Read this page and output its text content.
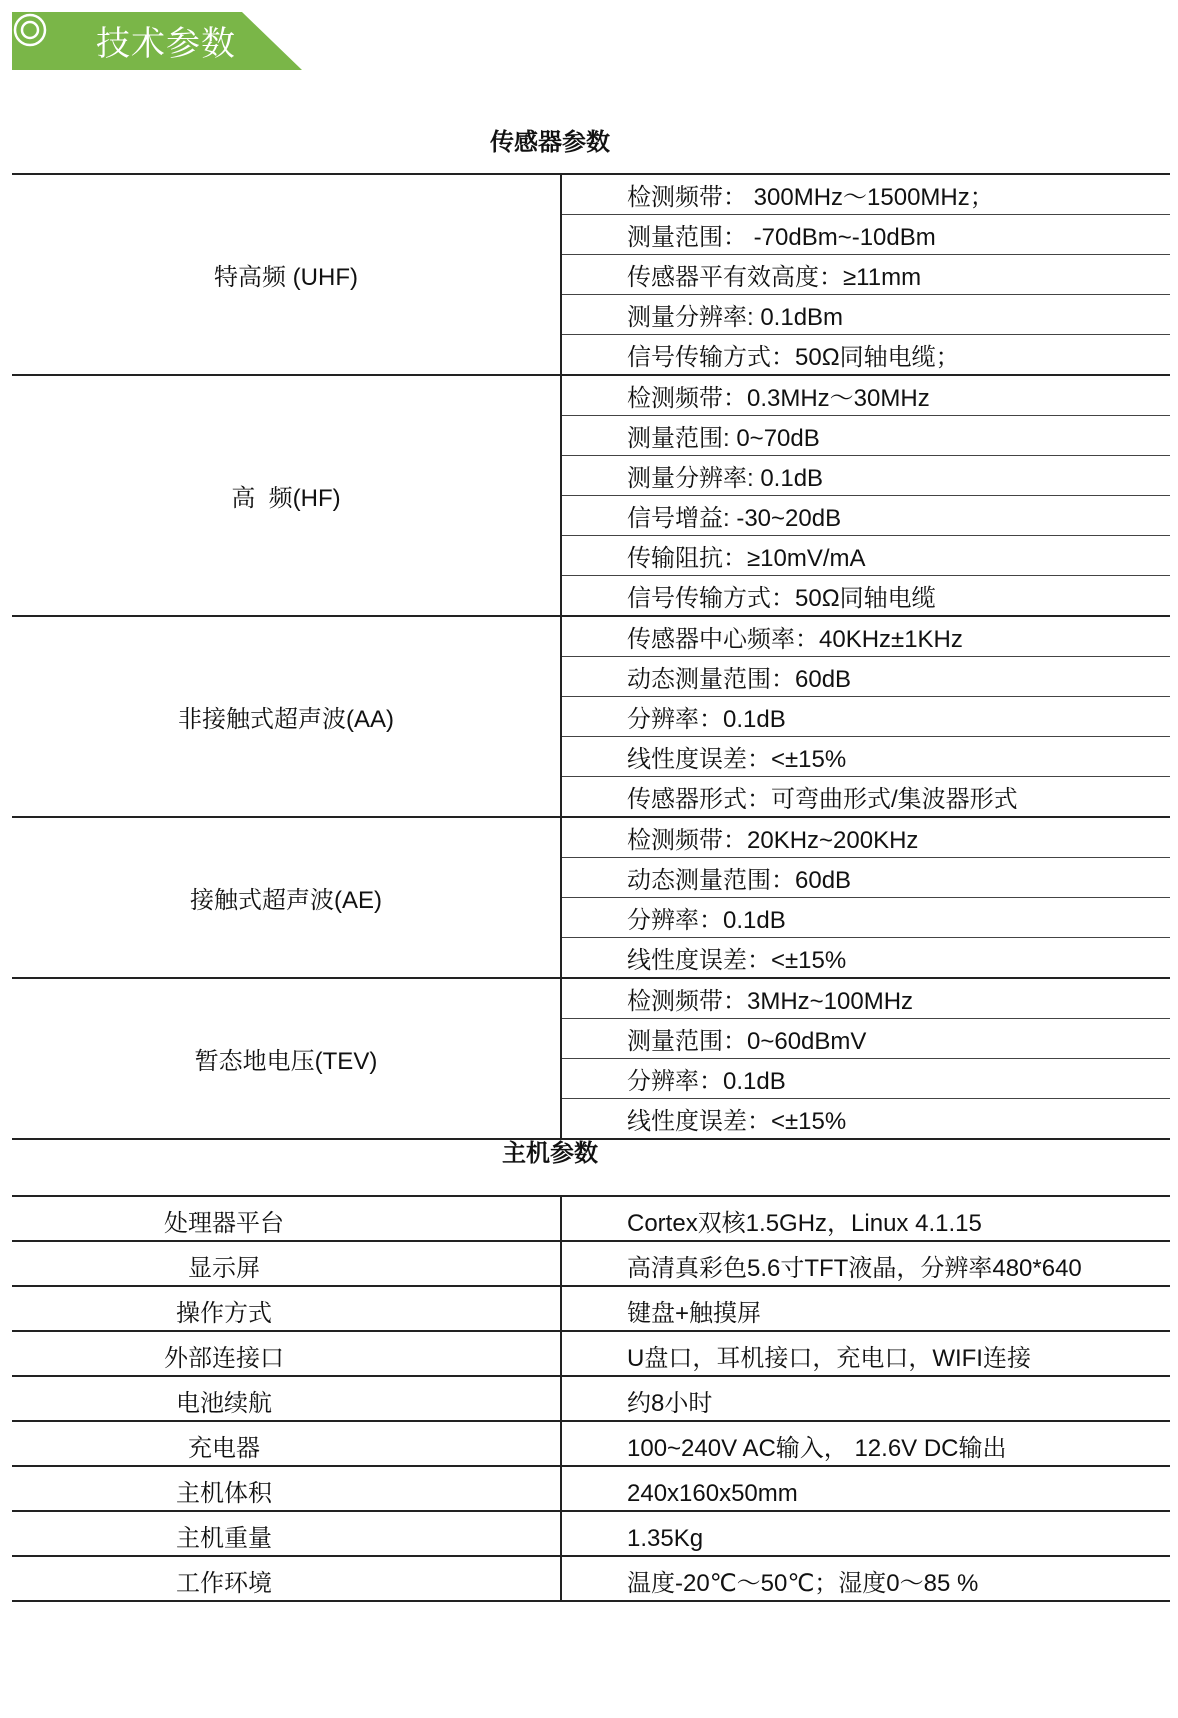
技术参数
传感器参数
特高频 (UHF)	检测频带： 300MHz～1500MHz；
	测量范围： -70dBm~-10dBm
	传感器平有效高度：≥11mm
	测量分辨率: 0.1dBm
	信号传输方式：50Ω同轴电缆；
高  频(HF)	检测频带：0.3MHz～30MHz
	测量范围: 0~70dB
	测量分辨率: 0.1dB
	信号增益: -30~20dB
	传输阻抗：≥10mV/mA
	信号传输方式：50Ω同轴电缆
非接触式超声波(AA)	传感器中心频率：40KHz±1KHz
	动态测量范围：60dB
	分辨率：0.1dB
	线性度误差：<±15%
	传感器形式：可弯曲形式/集波器形式
接触式超声波(AE)	检测频带：20KHz~200KHz
	动态测量范围：60dB
	分辨率：0.1dB
	线性度误差：<±15%
暂态地电压(TEV)	检测频带：3MHz~100MHz
	测量范围：0~60dBmV
	分辨率：0.1dB
	线性度误差：<±15%
主机参数
处理器平台	Cortex双核1.5GHz，Linux 4.1.15
显示屏	高清真彩色5.6寸TFT液晶，分辨率480*640
操作方式	键盘+触摸屏
外部连接口	U盘口，耳机接口，充电口，WIFI连接
电池续航	约8小时
充电器	100~240V AC输入， 12.6V DC输出
主机体积	240x160x50mm
主机重量	1.35Kg
工作环境	温度-20℃～50℃；湿度0～85 %
